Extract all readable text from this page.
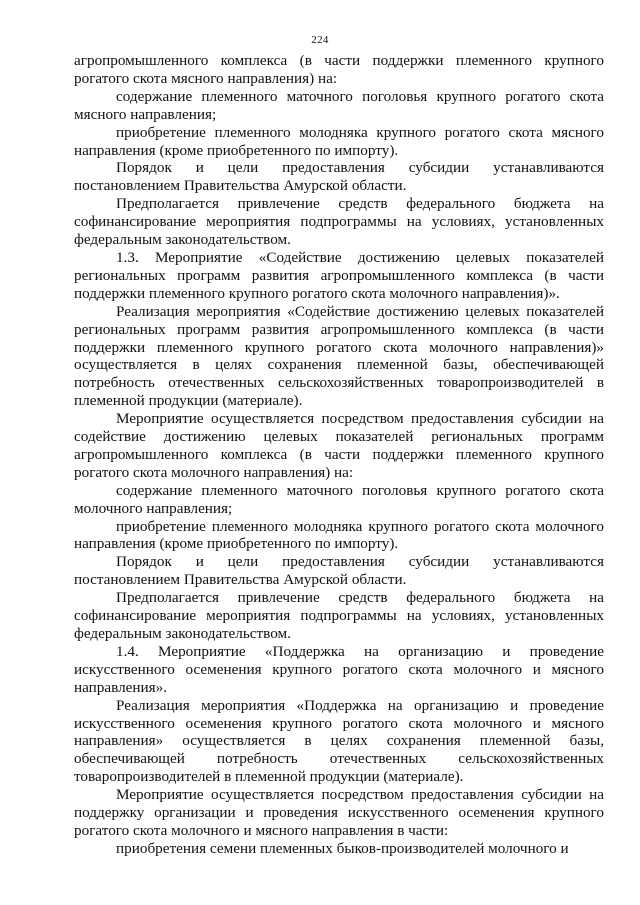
224

агропромышленного комплекса (в части поддержки племенного крупного рогатого скота мясного направления) на:

содержание племенного маточного поголовья крупного рогатого скота мясного направления;

приобретение племенного молодняка крупного рогатого скота мясного направления (кроме приобретенного по импорту).

Порядок и цели предоставления субсидии устанавливаются постановлением Правительства Амурской области.

Предполагается привлечение средств федерального бюджета на софинансирование мероприятия подпрограммы на условиях, установленных федеральным законодательством.

1.3. Мероприятие «Содействие достижению целевых показателей региональных программ развития агропромышленного комплекса (в части поддержки племенного крупного рогатого скота молочного направления)».

Реализация мероприятия «Содействие достижению целевых показателей региональных программ развития агропромышленного комплекса (в части поддержки племенного крупного рогатого скота молочного направления)» осуществляется в целях сохранения племенной базы, обеспечивающей потребность отечественных сельскохозяйственных товаропроизводителей в племенной продукции (материале).

Мероприятие осуществляется посредством предоставления субсидии на содействие достижению целевых показателей региональных программ агропромышленного комплекса (в части поддержки племенного крупного рогатого скота молочного направления) на:

содержание племенного маточного поголовья крупного рогатого скота молочного направления;

приобретение племенного молодняка крупного рогатого скота молочного направления (кроме приобретенного по импорту).

Порядок и цели предоставления субсидии устанавливаются постановлением Правительства Амурской области.

Предполагается привлечение средств федерального бюджета на софинансирование мероприятия подпрограммы на условиях, установленных федеральным законодательством.

1.4. Мероприятие «Поддержка на организацию и проведение искусственного осеменения крупного рогатого скота молочного и мясного направления».

Реализация мероприятия «Поддержка на организацию и проведение искусственного осеменения крупного рогатого скота молочного и мясного направления» осуществляется в целях сохранения племенной базы, обеспечивающей потребность отечественных сельскохозяйственных товаропроизводителей в племенной продукции (материале).

Мероприятие осуществляется посредством предоставления субсидии на поддержку организации и проведения искусственного осеменения крупного рогатого скота молочного и мясного направления в части:

приобретения семени племенных быков-производителей молочного и
